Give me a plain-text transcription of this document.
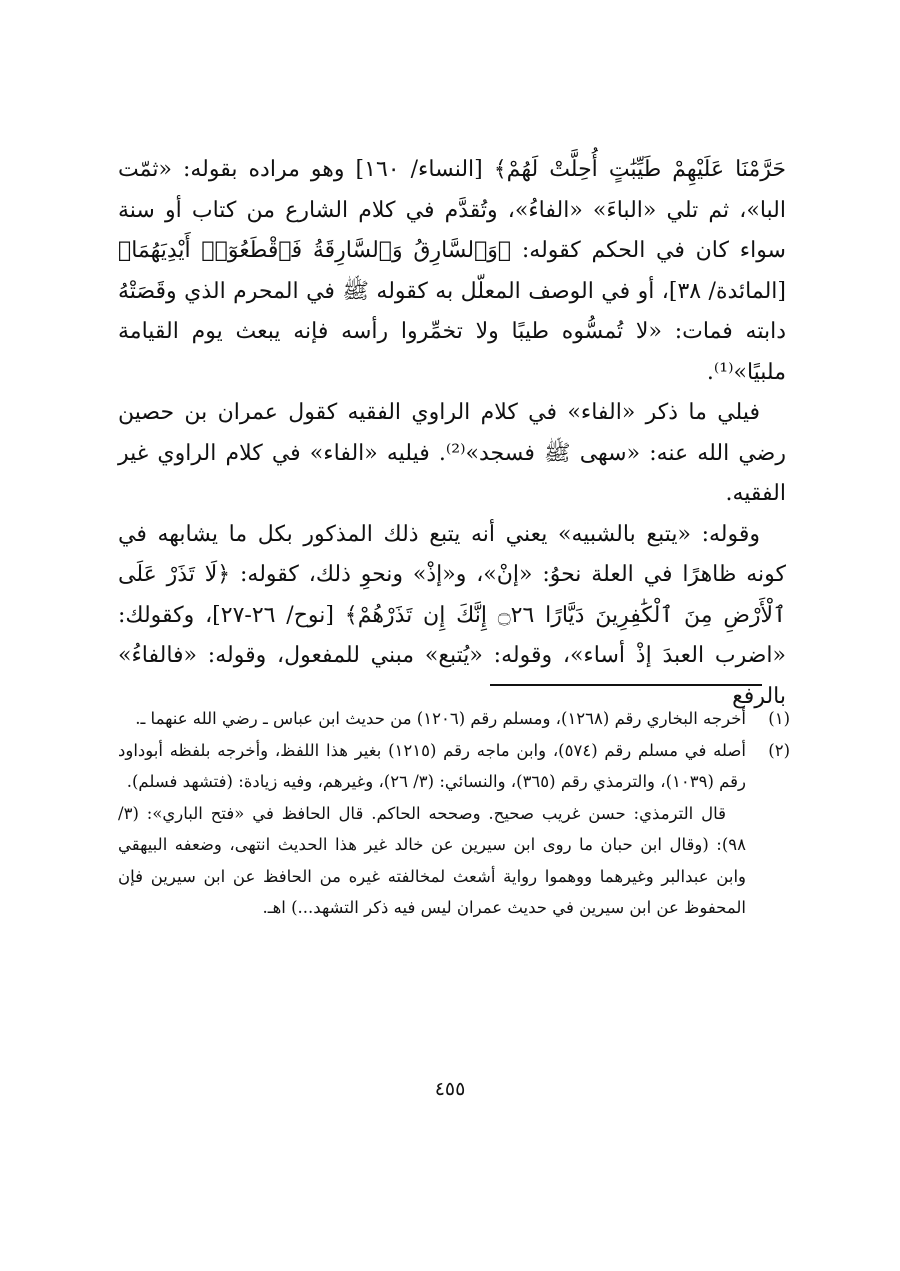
حَرَّمْنَا عَلَيْهِمْ طَيِّبَٰتٍ أُحِلَّتْ لَهُمْ﴾ [النساء/ ١٦٠] وهو مراده بقوله: «ثمّت البا»، ثم تلي «الباءَ» «الفاءُ»، وتُقدَّم في كلام الشارع من كتاب أو سنة سواء كان في الحكم كقوله: ﴿وَٱلسَّارِقُ وَٱلسَّارِقَةُ فَٱقْطَعُوٓا۟ أَيْدِيَهُمَا﴾ [المائدة/ ٣٨]، أو في الوصف المعلّل به كقوله ﷺ في المحرم الذي وقَصَتْهُ دابته فمات: «لا تُمسُّوه طيبًا ولا تخمِّروا رأسه فإنه يبعث يوم القيامة ملبيًا»⁽¹⁾.

فيلي ما ذكر «الفاء» في كلام الراوي الفقيه كقول عمران بن حصين رضي الله عنه: «سهى ﷺ فسجد»⁽²⁾. فيليه «الفاء» في كلام الراوي غير الفقيه.

وقوله: «يتبع بالشبيه» يعني أنه يتبع ذلك المذكور بكل ما يشابهه في كونه ظاهرًا في العلة نحوُ: «إنْ»، و«إذْ» ونحوِ ذلك، كقوله: ﴿لَا تَذَرْ عَلَى ٱلْأَرْضِ مِنَ ٱلْكَٰفِرِينَ دَيَّارًا ۝٢٦ إِنَّكَ إِن تَذَرْهُمْ﴾ [نوح/ ٢٦-٢٧]، وكقولك: «اضرب العبدَ إذْ أساء»، وقوله: «يُتبع» مبني للمفعول، وقوله: «فالفاءُ» بالرفع

(١)
أخرجه البخاري رقم (١٢٦٨)، ومسلم رقم (١٢٠٦) من حديث ابن عباس ـ رضي الله عنهما ـ.
(٢)
أصله في مسلم رقم (٥٧٤)، وابن ماجه رقم (١٢١٥) بغير هذا اللفظ، وأخرجه بلفظه أبوداود رقم (١٠٣٩)، والترمذي رقم (٣٦٥)، والنسائي: (٣/ ٢٦)، وغيرهم، وفيه زيادة: (فتشهد فسلم).
قال الترمذي: حسن غريب صحيح. وصححه الحاكم. قال الحافظ في «فتح الباري»: (٣/ ٩٨): (وقال ابن حبان ما روى ابن سيرين عن خالد غير هذا الحديث انتهى، وضعفه البيهقي وابن عبدالبر وغيرهما ووهموا رواية أشعث لمخالفته غيره من الحافظ عن ابن سيرين فإن المحفوظ عن ابن سيرين في حديث عمران ليس فيه ذكر التشهد...) اهـ.
٤٥٥
